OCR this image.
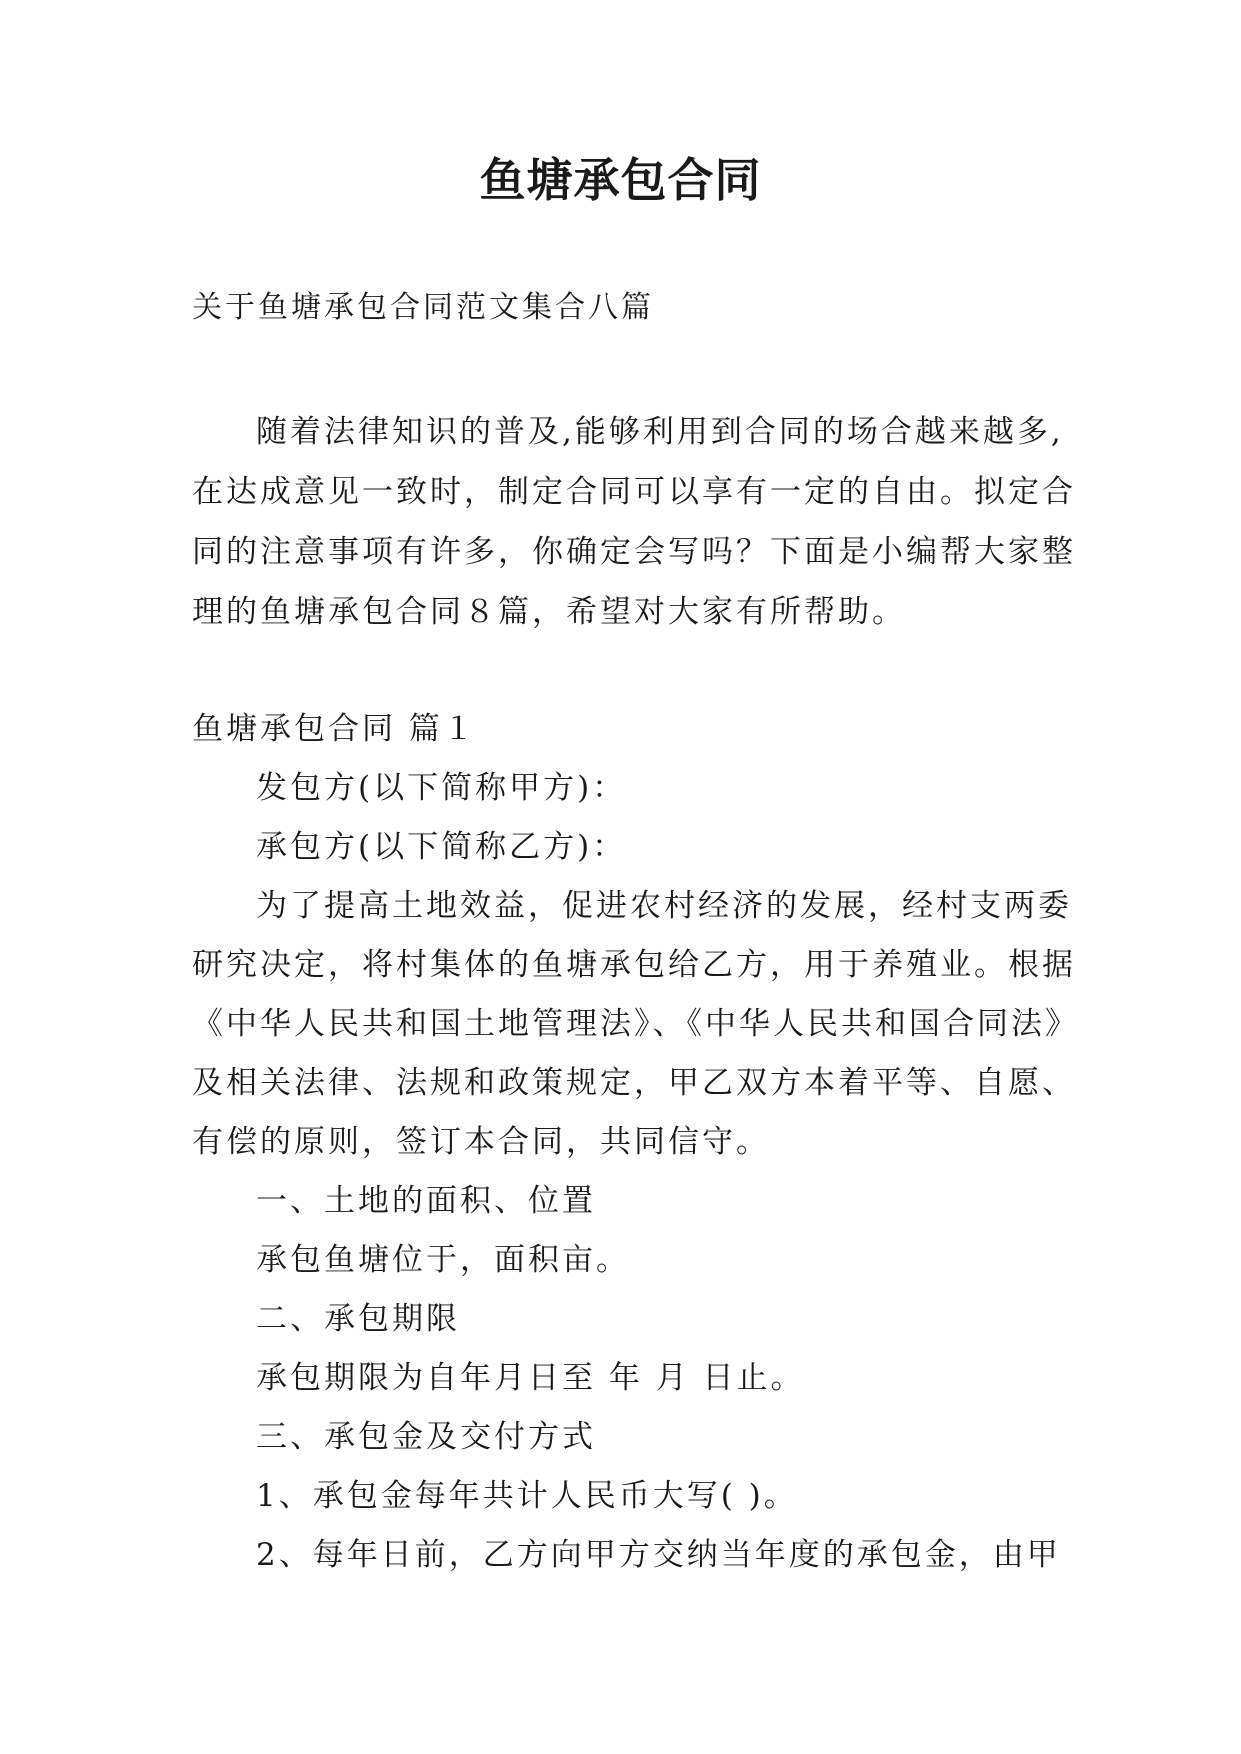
鱼塘承包合同
关于鱼塘承包合同范文集合八篇
随着法律知识的普及,能够利用到合同的场合越来越多,
在达成意见一致时，制定合同可以享有一定的自由。拟定合
同的注意事项有许多，你确定会写吗？下面是小编帮大家整
理的鱼塘承包合同８篇，希望对大家有所帮助。
鱼塘承包合同 篇１
发包方(以下简称甲方)：
承包方(以下简称乙方)：
为了提高土地效益，促进农村经济的发展，经村支两委
研究决定，将村集体的鱼塘承包给乙方，用于养殖业。根据
《中华人民共和国土地管理法》、《中华人民共和国合同法》
及相关法律、法规和政策规定，甲乙双方本着平等、自愿、
有偿的原则，签订本合同，共同信守。
一、土地的面积、位置
承包鱼塘位于，面积亩。
二、承包期限
承包期限为自年月日至 年 月 日止。
三、承包金及交付方式
1、承包金每年共计人民币大写( )。
2、每年日前，乙方向甲方交纳当年度的承包金，由甲
